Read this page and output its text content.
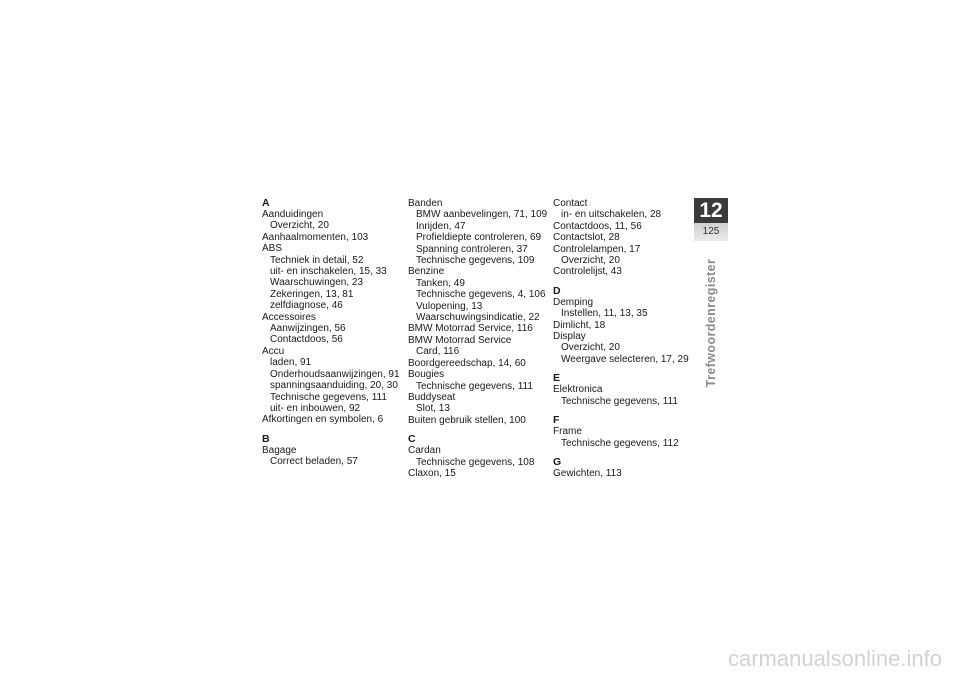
A
Aanduidingen
Overzicht, 20
Aanhaalmomenten, 103
ABS
Techniek in detail, 52
uit- en inschakelen, 15, 33
Waarschuwingen, 23
Zekeringen, 13, 81
zelfdiagnose, 46
Accessoires
Aanwijzingen, 56
Contactdoos, 56
Accu
laden, 91
Onderhoudsaanwijzingen, 91
spanningsaanduiding, 20, 30
Technische gegevens, 111
uit- en inbouwen, 92
Afkortingen en symbolen, 6
B
Bagage
Correct beladen, 57
Banden
BMW aanbevelingen, 71, 109
Inrijden, 47
Profieldiepte controleren, 69
Spanning controleren, 37
Technische gegevens, 109
Benzine
Tanken, 49
Technische gegevens, 4, 106
Vulopening, 13
Waarschuwingsindicatie, 22
BMW Motorrad Service, 116
BMW Motorrad Service
Card, 116
Boordgereedschap, 14, 60
Bougies
Technische gegevens, 111
Buddyseat
Slot, 13
Buiten gebruik stellen, 100
C
Cardan
Technische gegevens, 108
Claxon, 15
Contact
in- en uitschakelen, 28
Contactdoos, 11, 56
Contactslot, 28
Controlelampen, 17
Overzicht, 20
Controlelijst, 43
D
Demping
Instellen, 11, 13, 35
Dimlicht, 18
Display
Overzicht, 20
Weergave selecteren, 17, 29
E
Elektronica
Technische gegevens, 111
F
Frame
Technische gegevens, 112
G
Gewichten, 113
12
125
Trefwoordenregister
carmanualsonline.info
